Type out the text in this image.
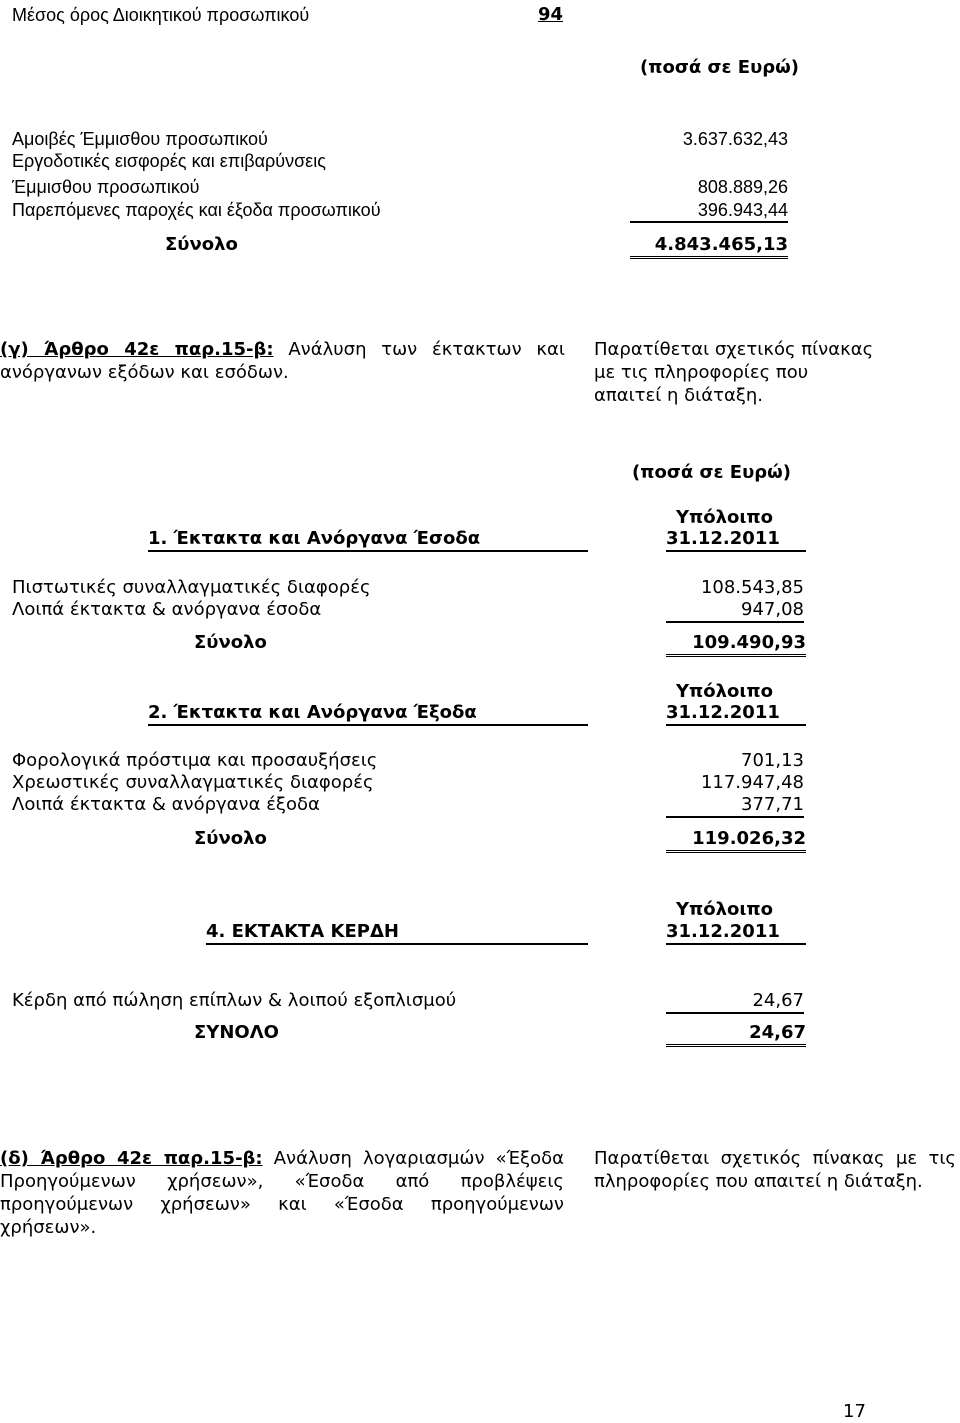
Μέσος όρος Διοικητικού προσωπικού	94
(ποσά σε Ευρώ)
Αμοιβές Έμμισθου προσωπικού	3.637.632,43
Εργοδοτικές εισφορές και επιβαρύνσεις
Έμμισθου προσωπικού	808.889,26
Παρεπόμενες παροχές και έξοδα προσωπικού	396.943,44
Σύνολο	4.843.465,13
(γ) Άρθρο 42ε παρ.15-β: Ανάλυση των έκτακτων και
ανόργανων εξόδων και εσόδων.
Παρατίθεται σχετικός πίνακας
με τις πληροφορίες που
απαιτεί η διάταξη.
(ποσά σε Ευρώ)
Υπόλοιπο
1. Έκτακτα και Ανόργανα Έσοδα	31.12.2011
Πιστωτικές συναλλαγματικές διαφορές	108.543,85
Λοιπά έκτακτα & ανόργανα έσοδα	947,08
Σύνολο	109.490,93
Υπόλοιπο
2. Έκτακτα και Ανόργανα Έξοδα	31.12.2011
Φορολογικά πρόστιμα και προσαυξήσεις	701,13
Χρεωστικές συναλλαγματικές διαφορές	117.947,48
Λοιπά έκτακτα & ανόργανα έξοδα	377,71
Σύνολο	119.026,32
Υπόλοιπο
4. ΕΚΤΑΚΤΑ ΚΕΡΔΗ	31.12.2011
Κέρδη από πώληση επίπλων & λοιπού εξοπλισμού	24,67
ΣΥΝΟΛΟ	24,67
(δ) Άρθρο 42ε παρ.15-β: Ανάλυση λογαριασμών «Έξοδα
Προηγούμενων χρήσεων», «Έσοδα από προβλέψεις
προηγούμενων χρήσεων» και «Έσοδα προηγούμενων
χρήσεων».
Παρατίθεται σχετικός πίνακας με τις
πληροφορίες που απαιτεί η διάταξη.
17
